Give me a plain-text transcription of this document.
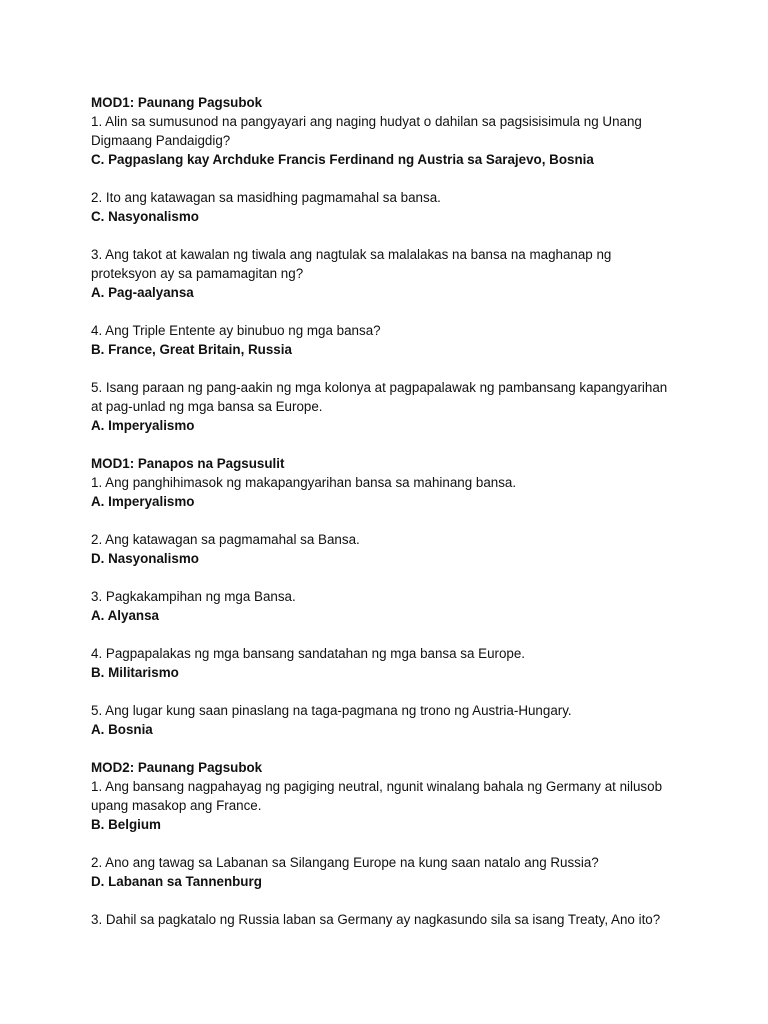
MOD1: Paunang Pagsubok

1. Alin sa sumusunod na pangyayari ang naging hudyat o dahilan sa pagsisisimula ng Unang

Digmaang Pandaigdig?

C. Pagpaslang kay Archduke Francis Ferdinand ng Austria sa Sarajevo, Bosnia

2. Ito ang katawagan sa masidhing pagmamahal sa bansa.

C. Nasyonalismo

3. Ang takot at kawalan ng tiwala ang nagtulak sa malalakas na bansa na maghanap ng

proteksyon ay sa pamamagitan ng?

A. Pag-aalyansa

4. Ang Triple Entente ay binubuo ng mga bansa?

B. France, Great Britain, Russia

5. Isang paraan ng pang-aakin ng mga kolonya at pagpapalawak ng pambansang kapangyarihan

at pag-unlad ng mga bansa sa Europe.

A. Imperyalismo

MOD1: Panapos na Pagsusulit

1. Ang panghihimasok ng makapangyarihan bansa sa mahinang bansa.

A. Imperyalismo

2. Ang katawagan sa pagmamahal sa Bansa.

D. Nasyonalismo

3. Pagkakampihan ng mga Bansa.

A. Alyansa

4. Pagpapalakas ng mga bansang sandatahan ng mga bansa sa Europe.

B. Militarismo

5. Ang lugar kung saan pinaslang na taga-pagmana ng trono ng Austria-Hungary.

A. Bosnia

MOD2: Paunang Pagsubok

1. Ang bansang nagpahayag ng pagiging neutral, ngunit winalang bahala ng Germany at nilusob

upang masakop ang France.

B. Belgium

2. Ano ang tawag sa Labanan sa Silangang Europe na kung saan natalo ang Russia?

D. Labanan sa Tannenburg

3. Dahil sa pagkatalo ng Russia laban sa Germany ay nagkasundo sila sa isang Treaty, Ano ito?
